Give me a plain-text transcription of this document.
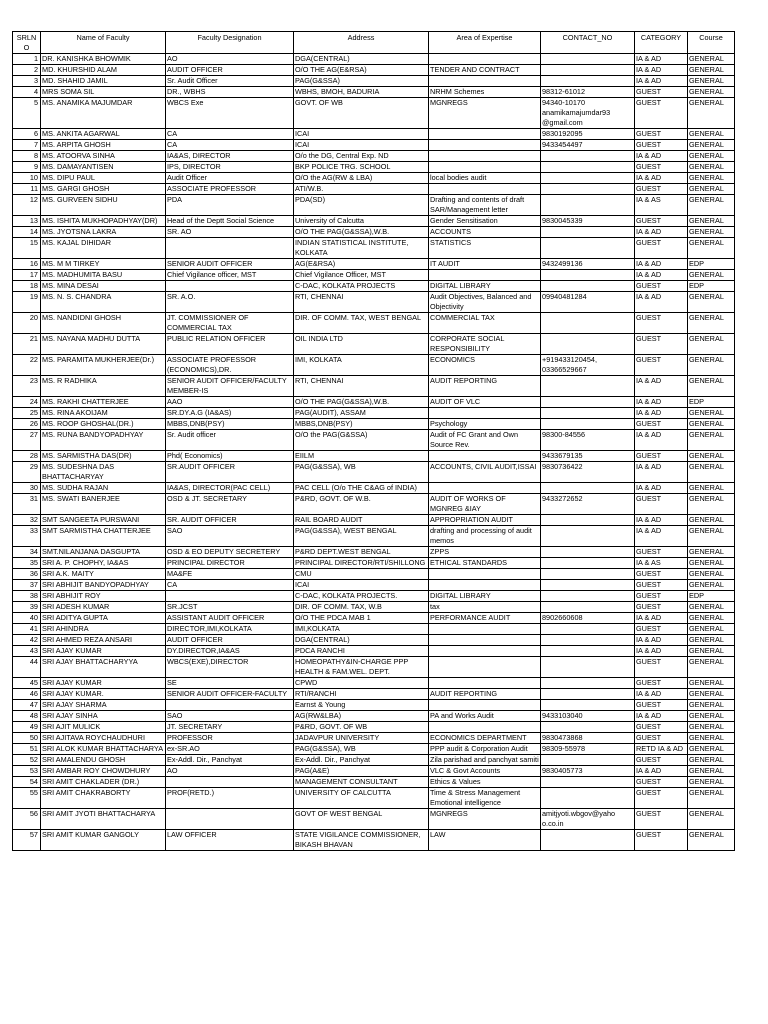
SRLN O	Name of Faculty	Faculty Designation	Address	Area of Expertise	CONTACT_NO	CATEGORY	Course
1	DR. KANISHKA BHOWMIK	AO	DGA(CENTRAL)			IA & AD	GENERAL
2	MD. KHURSHID ALAM	AUDIT OFFICER	O/O THE AG(E&RSA)	TENDER AND CONTRACT		IA & AD	GENERAL
3	MD. SHAHID JAMIL	Sr. Audit Officer	PAG(G&SSA)			IA & AD	GENERAL
4	MRS SOMA SIL	DR., WBHS	WBHS, BMOH, BADURIA	NRHM Schemes	98312-61012	GUEST	GENERAL
5	MS. ANAMIKA MAJUMDAR	WBCS Exe	GOVT. OF WB	MGNREGS	94340-10170 anamikamajumdar93 @gmail.com	GUEST	GENERAL
6	MS. ANKITA AGARWAL	CA	ICAI		9830192095	GUEST	GENERAL
7	MS. ARPITA GHOSH	CA	ICAI		9433454497	GUEST	GENERAL
8	MS. ATOORVA SINHA	IA&AS, DIRECTOR	O/o the DG, Central Exp. ND			IA & AD	GENERAL
9	MS. DAMAYANTISEN	IPS, DIRECTOR	BKP POLICE TRG. SCHOOL			GUEST	GENERAL
10	MS. DIPU PAUL	Audit Officer	O/O the AG(RW & LBA)	local bodies audit		IA & AD	GENERAL
11	MS. GARGI GHOSH	ASSOCIATE PROFESSOR	ATI/W.B.			GUEST	GENERAL
12	MS. GURVEEN SIDHU	PDA	PDA(SD)	Drafting and contents of draft SAR/Management letter		IA & AS	GENERAL
13	MS. ISHITA MUKHOPADHYAY(DR)	Head of the Deptt Social Science	University of Calcutta	Gender Sensitisation	9830045339	GUEST	GENERAL
14	MS. JYOTSNA LAKRA	SR. AO	O/O THE PAG(G&SSA),W.B.	ACCOUNTS		IA & AD	GENERAL
15	MS. KAJAL DIHIDAR		INDIAN STATISTICAL INSTITUTE, KOLKATA	STATISTICS		GUEST	GENERAL
16	MS. M M TIRKEY	SENIOR AUDIT OFFICER	AG(E&RSA)	IT AUDIT	9432499136	IA & AD	EDP
17	MS. MADHUMITA BASU	Chief Vigilance officer, MST	Chief Vigilance Officer, MST			IA & AD	GENERAL
18	MS. MINA DESAI		C-DAC, KOLKATA PROJECTS	DIGITAL LIBRARY		GUEST	EDP
19	MS. N. S. CHANDRA	SR. A.O.	RTI, CHENNAI	Audit Objectives, Balanced and Objectivity	09940481284	IA & AD	GENERAL
20	MS. NANDIDNI GHOSH	JT. COMMISSIONER OF COMMERCIAL TAX	DIR. OF COMM. TAX, WEST BENGAL	COMMERCIAL TAX		GUEST	GENERAL
21	MS. NAYANA MADHU DUTTA	PUBLIC RELATION OFFICER	OIL INDIA LTD	CORPORATE SOCIAL RESPONSIBILITY		GUEST	GENERAL
22	MS. PARAMITA MUKHERJEE(Dr.)	ASSOCIATE PROFESSOR (ECONOMICS),DR.	IMI, KOLKATA	ECONOMICS	+919433120454, 03366529667	GUEST	GENERAL
23	MS. R RADHIKA	SENIOR AUDIT OFFICER/FACULTY MEMBER-IS	RTI, CHENNAI	AUDIT REPORTING		IA & AD	GENERAL
24	MS. RAKHI CHATTERJEE	AAO	O/O THE PAG(G&SSA),W.B.	AUDIT OF VLC		IA & AD	EDP
25	MS. RINA AKOIJAM	SR.DY.A.G (IA&AS)	PAG(AUDIT), ASSAM			IA & AD	GENERAL
26	MS. ROOP GHOSHAL(DR.)	MBBS,DNB(PSY)	MBBS,DNB(PSY)	Psychology		GUEST	GENERAL
27	MS. RUNA BANDYOPADHYAY	Sr. Audit officer	O/O the PAG(G&SSA)	Audit of FC Grant and Own Source Rev.	98300-84556	IA & AD	GENERAL
28	MS. SARMISTHA DAS(DR)	Phd( Economics)	EIILM		9433679135	GUEST	GENERAL
29	MS. SUDESHNA DAS BHATTACHARYAY	SR.AUDIT OFFICER	PAG(G&SSA), WB	ACCOUNTS, CIVIL AUDIT,ISSAI	9830736422	IA & AD	GENERAL
30	MS. SUDHA RAJAN	IA&AS, DIRECTOR(PAC CELL)	PAC CELL (O/o THE C&AG of INDIA)			IA & AD	GENERAL
31	MS. SWATI BANERJEE	OSD & JT. SECRETARY	P&RD, GOVT. OF W.B.	AUDIT OF WORKS OF MGNREG &IAY	9433272652	GUEST	GENERAL
32	SMT SANGEETA PURSWANI	SR. AUDIT OFFICER	RAIL BOARD AUDIT	APPROPRIATION AUDIT		IA & AD	GENERAL
33	SMT SARMISTHA CHATTERJEE	SAO	PAG(G&SSA), WEST BENGAL	drafting and processing of audit memos		IA & AD	GENERAL
34	SMT.NILANJANA DASGUPTA	OSD & EO DEPUTY SECRETERY	P&RD DEPT.WEST BENGAL	ZPPS		GUEST	GENERAL
35	SRI A. P. CHOPHY, IA&AS	PRINCIPAL DIRECTOR	PRINCIPAL DIRECTOR/RTI/SHILLONG	ETHICAL STANDARDS		IA & AS	GENERAL
36	SRI A.K. MAITY	MA&FE	CMU			GUEST	GENERAL
37	SRI ABHIJIT BANDYOPADHYAY	CA	ICAI			GUEST	GENERAL
38	SRI ABHIJIT ROY		C-DAC, KOLKATA PROJECTS.	DIGITAL LIBRARY		GUEST	EDP
39	SRI ADESH KUMAR	SR.JCST	DIR. OF COMM. TAX, W.B	tax		GUEST	GENERAL
40	SRI ADITYA GUPTA	ASSISTANT AUDIT OFFICER	O/O THE PDCA MAB 1	PERFORMANCE AUDIT	8902660608	IA & AD	GENERAL
41	SRI AHINDRA	DIRECTOR,IMI,KOLKATA	IMI,KOLKATA			GUEST	GENERAL
42	SRI AHMED REZA ANSARI	AUDIT OFFICER	DGA(CENTRAL)			IA & AD	GENERAL
43	SRI AJAY KUMAR	DY.DIRECTOR,IA&AS	PDCA RANCHI			IA & AD	GENERAL
44	SRI AJAY BHATTACHARYYA	WBCS(EXE),DIRECTOR	HOMEOPATHY&IN-CHARGE PPP HEALTH & FAM.WEL. DEPT.			GUEST	GENERAL
45	SRI AJAY KUMAR	SE	CPWD			GUEST	GENERAL
46	SRI AJAY KUMAR.	SENIOR AUDIT OFFICER-FACULTY	RTI/RANCHI	AUDIT REPORTING		IA & AD	GENERAL
47	SRI AJAY SHARMA		Earnst & Young			GUEST	GENERAL
48	SRI AJAY SINHA	SAO	AG(RW&LBA)	PA and Works Audit	9433103040	IA & AD	GENERAL
49	SRI AJIT MULICK	JT. SECRETARY	P&RD, GOVT. OF WB			GUEST	GENERAL
50	SRI AJITAVA ROYCHAUDHURI	PROFESSOR	JADAVPUR UNIVERSITY	ECONOMICS DEPARTMENT	9830473868	GUEST	GENERAL
51	SRI ALOK KUMAR BHATTACHARYA	ex-SR.AO	PAG(G&SSA), WB	PPP audit & Corporation Audit	98309-55978	RETD IA & AD	GENERAL
52	SRI AMALENDU GHOSH	Ex-Addl. Dir., Panchyat	Ex-Addl. Dir., Panchyat	Zila parishad and panchyat samiti		GUEST	GENERAL
53	SRI AMBAR ROY CHOWDHURY	AO	PAG(A&E)	VLC & Govt Accounts	9830405773	IA & AD	GENERAL
54	SRI AMIT CHAKLADER (DR.)		MANAGEMENT CONSULTANT	Ethics & Values		GUEST	GENERAL
55	SRI AMIT CHAKRABORTY	PROF(RETD.)	UNIVERSITY OF CALCUTTA	Time & Stress Management Emotional intelligence		GUEST	GENERAL
56	SRI AMIT JYOTI BHATTACHARYA		GOVT OF WEST BENGAL	MGNREGS	amitjyoti.wbgov@yaho o.co.in	GUEST	GENERAL
57	SRI AMIT KUMAR GANGOLY	LAW OFFICER	STATE VIGILANCE COMMISSIONER, BIKASH BHAVAN	LAW		GUEST	GENERAL
